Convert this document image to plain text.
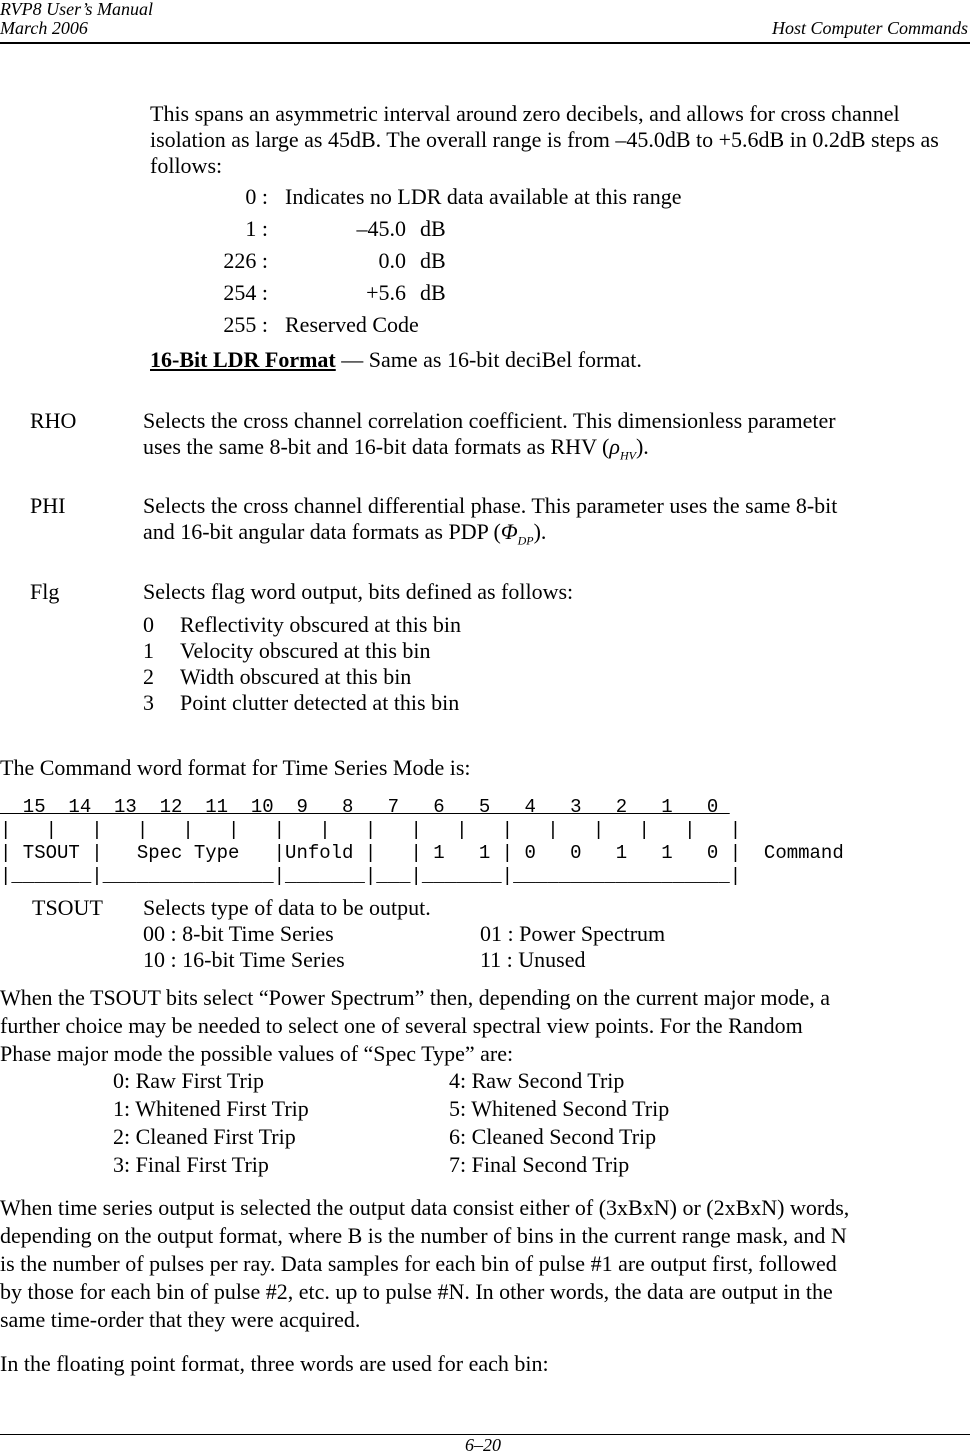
RVP8 User’s Manual
March 2006	Host Computer Commands
This spans an asymmetric interval around zero decibels, and allows for cross channel isolation as large as 45dB. The overall range is from –45.0dB to +5.6dB in 0.2dB steps as follows:
0 : Indicates no LDR data available at this range
1 :	–45.0 dB
226 :	0.0 dB
254 :	+5.6 dB
255 : Reserved Code
16-Bit LDR Format — Same as 16-bit deciBel format.
RHO	Selects the cross channel correlation coefficient. This dimensionless parameter
uses the same 8-bit and 16-bit data formats as RHV $(\rho_{HV})$.
PHI	Selects the cross channel differential phase. This parameter uses the same 8-bit
and 16-bit angular data formats as PDP $(\Phi_{DP})$.
Flg	Selects flag word output, bits defined as follows:
0 Reflectivity obscured at this bin
1 Velocity obscured at this bin
2 Width obscured at this bin
3 Point clutter detected at this bin
The Command word format for Time Series Mode is:
15  14  13  12  11  10  9   8   7   6   5   4   3   2   1   0
|   |   |   |   |   |   |   |   |   |   |   |   |   |   |   |   |
| TSOUT |   Spec Type   |Unfold |   | 1   1 | 0   0   1   1   0 |  Command
|_______|_______________|_______|___|_______|___________________|
TSOUT Selects type of data to be output.
00 : 8-bit Time Series	01 : Power Spectrum
10 : 16-bit Time Series	11 : Unused
When the TSOUT bits select “Power Spectrum” then, depending on the current major mode, a
further choice may be needed to select one of several spectral view points. For the Random
Phase major mode the possible values of “Spec Type” are:
0: Raw First Trip	4: Raw Second Trip
1: Whitened First Trip	5: Whitened Second Trip
2: Cleaned First Trip	6: Cleaned Second Trip
3: Final First Trip	7: Final Second Trip
When time series output is selected the output data consist either of (3xBxN) or (2xBxN) words,
depending on the output format, where B is the number of bins in the current range mask, and N
is the number of pulses per ray. Data samples for each bin of pulse #1 are output first, followed
by those for each bin of pulse #2, etc. up to pulse #N. In other words, the data are output in the
same time-order that they were acquired.
In the floating point format, three words are used for each bin:
6–20
